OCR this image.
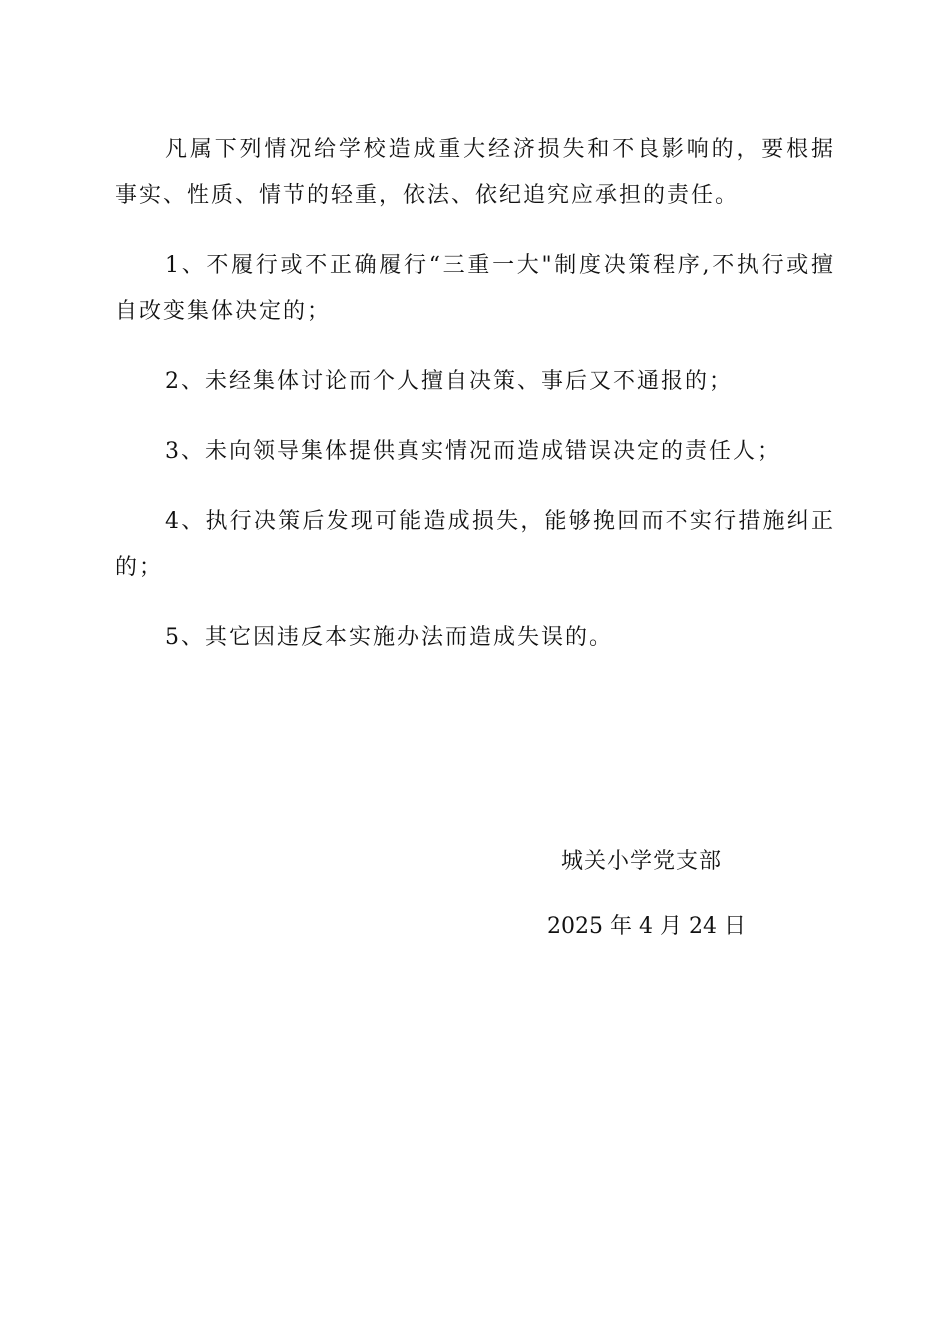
凡属下列情况给学校造成重大经济损失和不良影响的，要根据事实、性质、情节的轻重，依法、依纪追究应承担的责任。

1、不履行或不正确履行“三重一大"制度决策程序,不执行或擅自改变集体决定的；

2、未经集体讨论而个人擅自决策、事后又不通报的；

3、未向领导集体提供真实情况而造成错误决定的责任人；

4、执行决策后发现可能造成损失，能够挽回而不实行措施纠正的；

5、其它因违反本实施办法而造成失误的。

城关小学党支部
2025 年 4 月 24 日
